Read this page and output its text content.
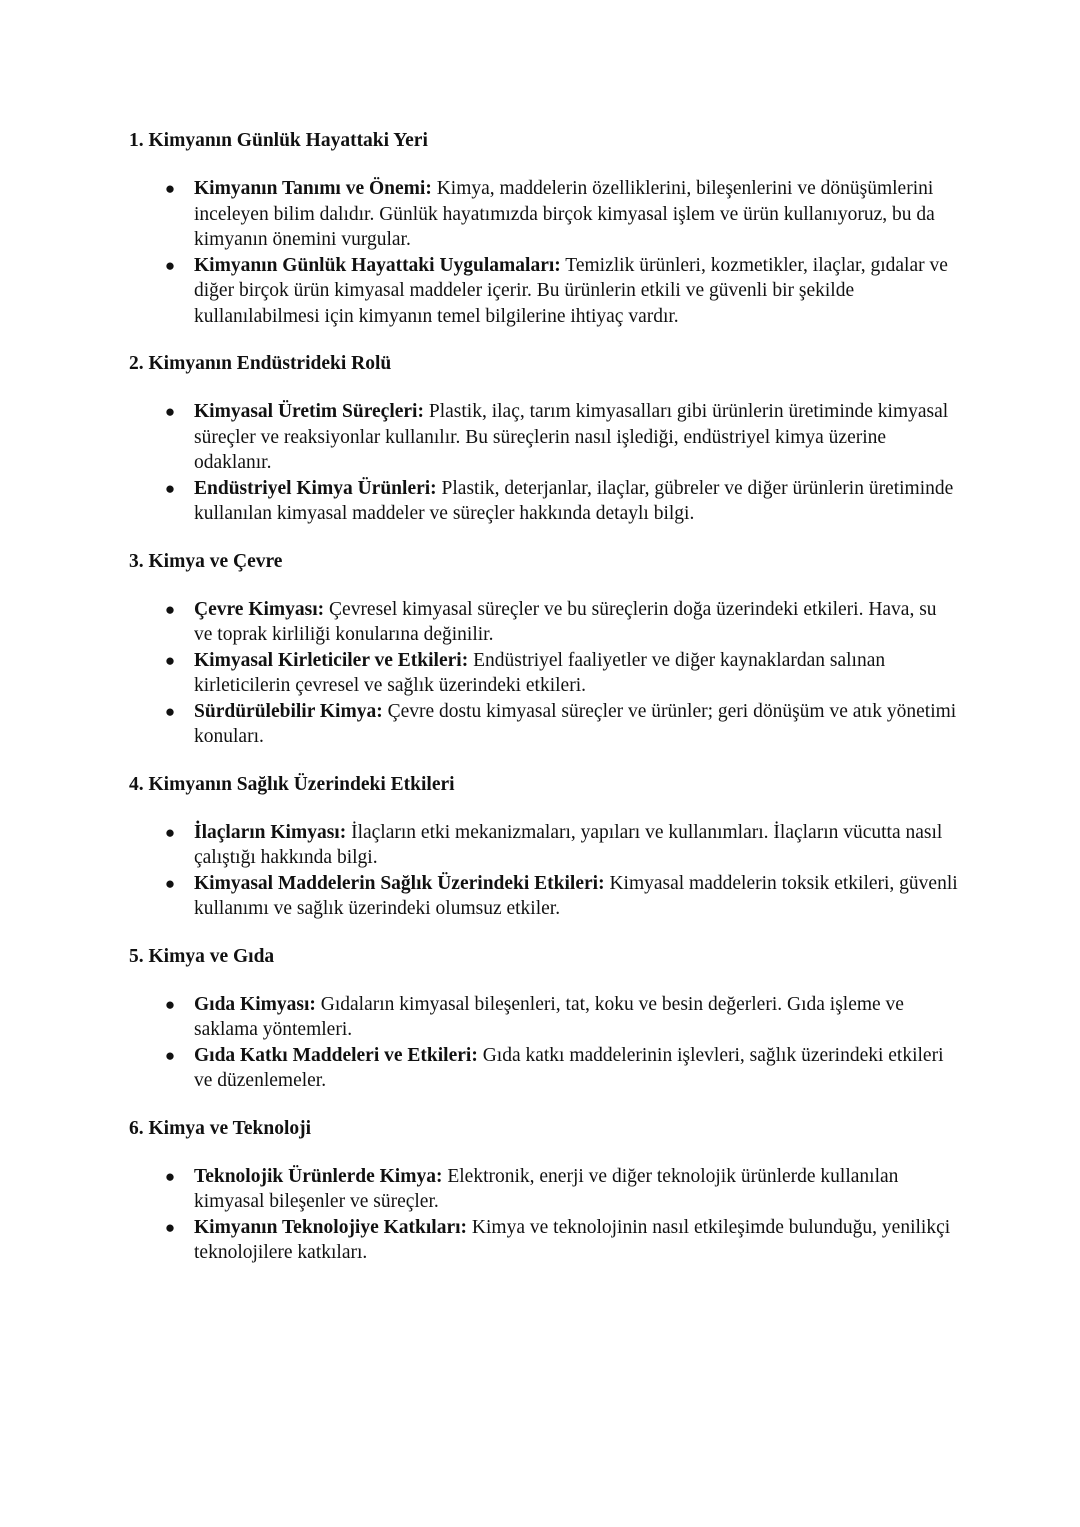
1. Kimyanın Günlük Hayattaki Yeri
● Kimyanın Tanımı ve Önemi: Kimya, maddelerin özelliklerini, bileşenlerini ve dönüşümlerini inceleyen bilim dalıdır. Günlük hayatımızda birçok kimyasal işlem ve ürün kullanıyoruz, bu da kimyanın önemini vurgular.
● Kimyanın Günlük Hayattaki Uygulamaları: Temizlik ürünleri, kozmetikler, ilaçlar, gıdalar ve diğer birçok ürün kimyasal maddeler içerir. Bu ürünlerin etkili ve güvenli bir şekilde kullanılabilmesi için kimyanın temel bilgilerine ihtiyaç vardır.
2. Kimyanın Endüstrideki Rolü
● Kimyasal Üretim Süreçleri: Plastik, ilaç, tarım kimyasalları gibi ürünlerin üretiminde kimyasal süreçler ve reaksiyonlar kullanılır. Bu süreçlerin nasıl işlediği, endüstriyel kimya üzerine odaklanır.
● Endüstriyel Kimya Ürünleri: Plastik, deterjanlar, ilaçlar, gübreler ve diğer ürünlerin üretiminde kullanılan kimyasal maddeler ve süreçler hakkında detaylı bilgi.
3. Kimya ve Çevre
● Çevre Kimyası: Çevresel kimyasal süreçler ve bu süreçlerin doğa üzerindeki etkileri. Hava, su ve toprak kirliliği konularına değinilir.
● Kimyasal Kirleticiler ve Etkileri: Endüstriyel faaliyetler ve diğer kaynaklardan salınan kirleticilerin çevresel ve sağlık üzerindeki etkileri.
● Sürdürülebilir Kimya: Çevre dostu kimyasal süreçler ve ürünler; geri dönüşüm ve atık yönetimi konuları.
4. Kimyanın Sağlık Üzerindeki Etkileri
● İlaçların Kimyası: İlaçların etki mekanizmaları, yapıları ve kullanımları. İlaçların vücutta nasıl çalıştığı hakkında bilgi.
● Kimyasal Maddelerin Sağlık Üzerindeki Etkileri: Kimyasal maddelerin toksik etkileri, güvenli kullanımı ve sağlık üzerindeki olumsuz etkiler.
5. Kimya ve Gıda
● Gıda Kimyası: Gıdaların kimyasal bileşenleri, tat, koku ve besin değerleri. Gıda işleme ve saklama yöntemleri.
● Gıda Katkı Maddeleri ve Etkileri: Gıda katkı maddelerinin işlevleri, sağlık üzerindeki etkileri ve düzenlemeler.
6. Kimya ve Teknoloji
● Teknolojik Ürünlerde Kimya: Elektronik, enerji ve diğer teknolojik ürünlerde kullanılan kimyasal bileşenler ve süreçler.
● Kimyanın Teknolojiye Katkıları: Kimya ve teknolojinin nasıl etkileşimde bulunduğu, yenilikçi teknolojilere katkıları.
